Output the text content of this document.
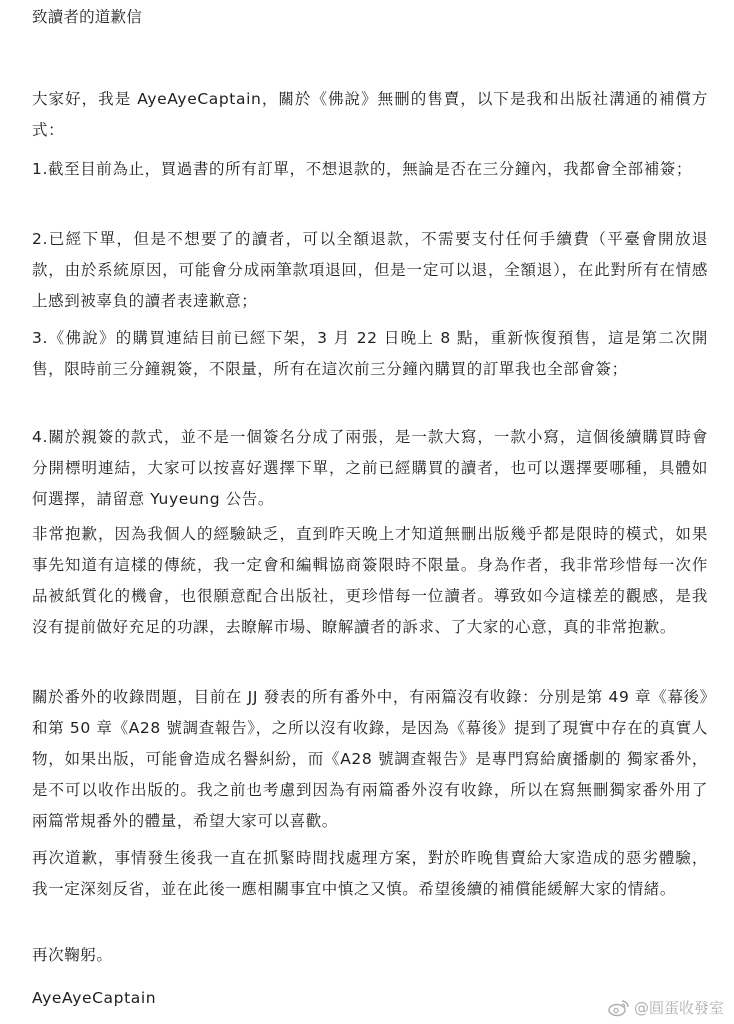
致讀者的道歉信

大家好，我是 AyeAyeCaptain，關於《佛說》無刪的售賣，以下是我和出版社溝通的補償方式：

1.截至目前為止，買過書的所有訂單，不想退款的，無論是否在三分鐘內，我都會全部補簽；

2.已經下單，但是不想要了的讀者，可以全額退款，不需要支付任何手續費（平臺會開放退款，由於系統原因，可能會分成兩筆款項退回，但是一定可以退，全額退），在此對所有在情感上感到被辜負的讀者表達歉意；

3.《佛說》的購買連結目前已經下架，3 月 22 日晚上 8 點，重新恢復預售，這是第二次開售，限時前三分鐘親簽，不限量，所有在這次前三分鐘內購買的訂單我也全部會簽；

4.關於親簽的款式，並不是一個簽名分成了兩張，是一款大寫，一款小寫，這個後續購買時會分開標明連結，大家可以按喜好選擇下單，之前已經購買的讀者，也可以選擇要哪種，具體如何選擇，請留意 Yuyeung 公告。

非常抱歉，因為我個人的經驗缺乏，直到昨天晚上才知道無刪出版幾乎都是限時的模式，如果事先知道有這樣的傳統，我一定會和編輯協商簽限時不限量。身為作者，我非常珍惜每一次作品被紙質化的機會，也很願意配合出版社，更珍惜每一位讀者。導致如今這樣差的觀感，是我沒有提前做好充足的功課，去瞭解市場、瞭解讀者的訴求、了大家的心意，真的非常抱歉。

關於番外的收錄問題，目前在 JJ 發表的所有番外中，有兩篇沒有收錄：分別是第 49 章《幕後》和第 50 章《A28 號調查報告》，之所以沒有收錄，是因為《幕後》提到了現實中存在的真實人物，如果出版，可能會造成名譽糾紛，而《A28 號調查報告》是專門寫給廣播劇的 獨家番外，是不可以收作出版的。我之前也考慮到因為有兩篇番外沒有收錄，所以在寫無刪獨家番外用了兩篇常規番外的體量，希望大家可以喜歡。

再次道歉，事情發生後我一直在抓緊時間找處理方案，對於昨晚售賣給大家造成的惡劣體驗，我一定深刻反省，並在此後一應相關事宜中慎之又慎。希望後續的補償能緩解大家的情緒。

再次鞠躬。

AyeAyeCaptain

@圓蛋收發室
